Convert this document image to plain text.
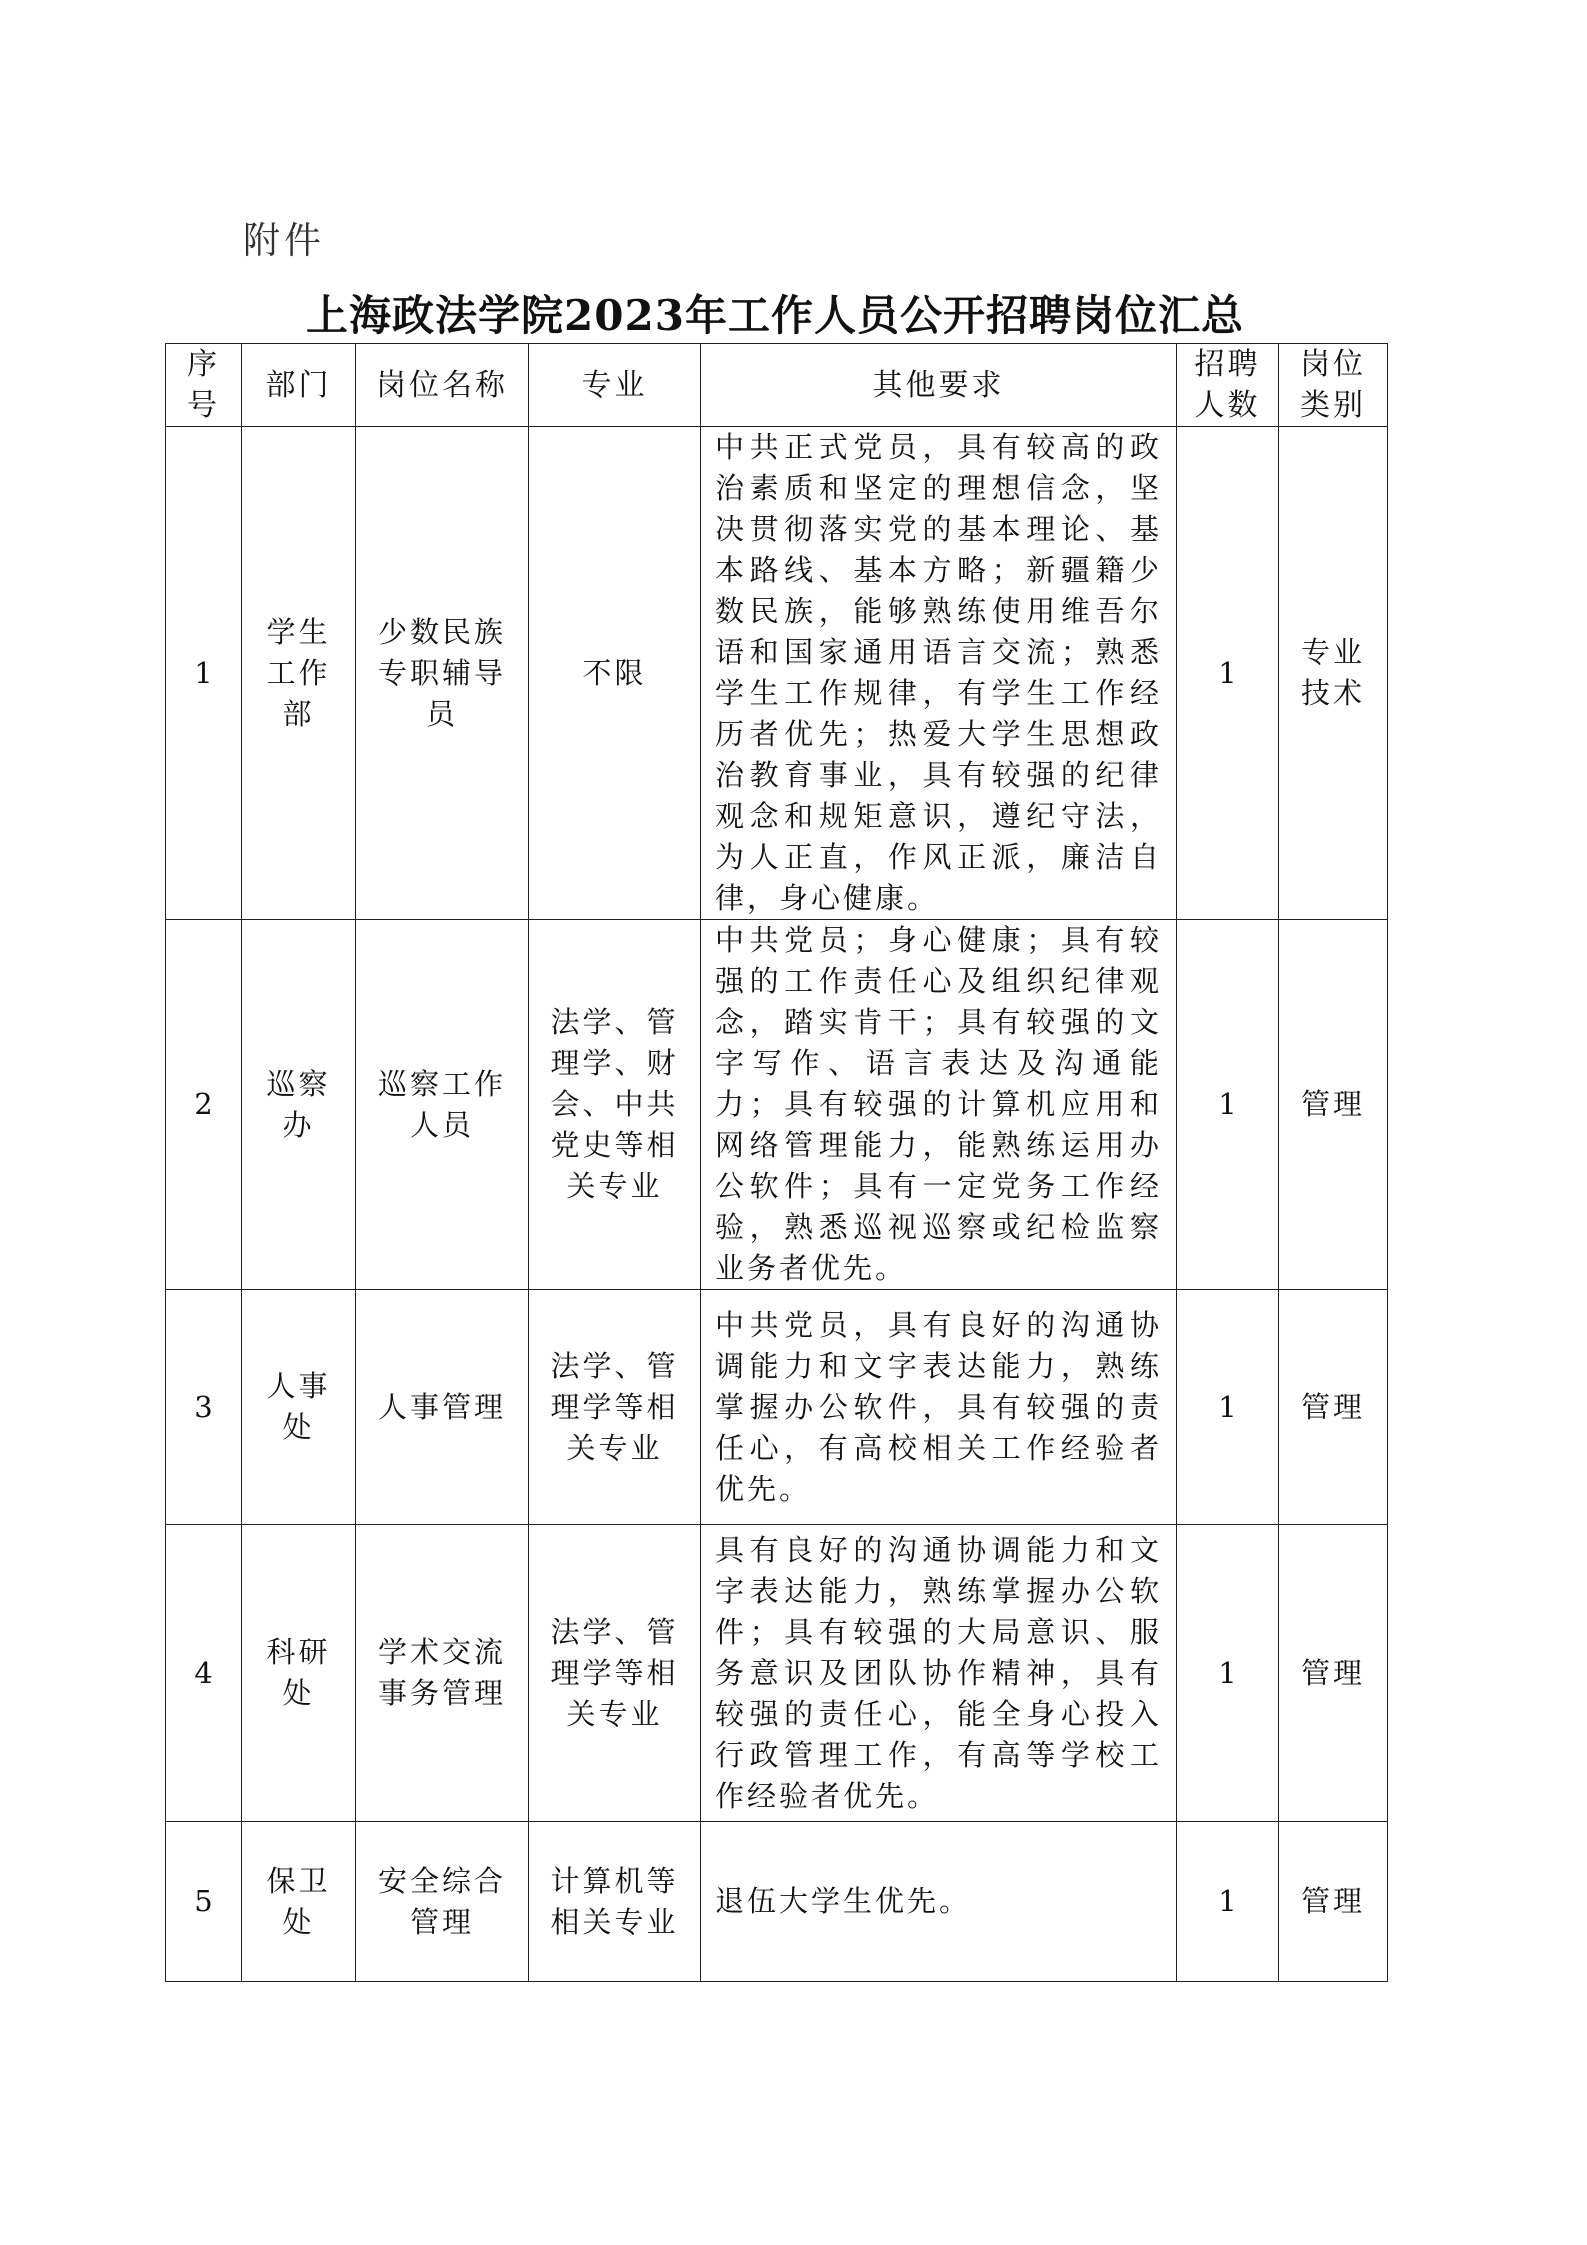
附件
上海政法学院2023年工作人员公开招聘岗位汇总
序号	部门	岗位名称	专业	其他要求	招聘人数	岗位类别
1	学生工作部	少数民族专职辅导员	不限	中共正式党员，具有较高的政治素质和坚定的理想信念，坚决贯彻落实党的基本理论、基本路线、基本方略；新疆籍少数民族，能够熟练使用维吾尔语和国家通用语言交流；熟悉学生工作规律，有学生工作经历者优先；热爱大学生思想政治教育事业，具有较强的纪律观念和规矩意识，遵纪守法，为人正直，作风正派，廉洁自律，身心健康。	1	专业技术
2	巡察办	巡察工作人员	法学、管理学、财会、中共党史等相关专业	中共党员；身心健康；具有较强的工作责任心及组织纪律观念，踏实肯干；具有较强的文字写作、语言表达及沟通能力；具有较强的计算机应用和网络管理能力，能熟练运用办公软件；具有一定党务工作经验，熟悉巡视巡察或纪检监察业务者优先。	1	管理
3	人事处	人事管理	法学、管理学等相关专业	中共党员，具有良好的沟通协调能力和文字表达能力，熟练掌握办公软件，具有较强的责任心，有高校相关工作经验者优先。	1	管理
4	科研处	学术交流事务管理	法学、管理学等相关专业	具有良好的沟通协调能力和文字表达能力，熟练掌握办公软件；具有较强的大局意识、服务意识及团队协作精神，具有较强的责任心，能全身心投入行政管理工作，有高等学校工作经验者优先。	1	管理
5	保卫处	安全综合管理	计算机等相关专业	退伍大学生优先。	1	管理
